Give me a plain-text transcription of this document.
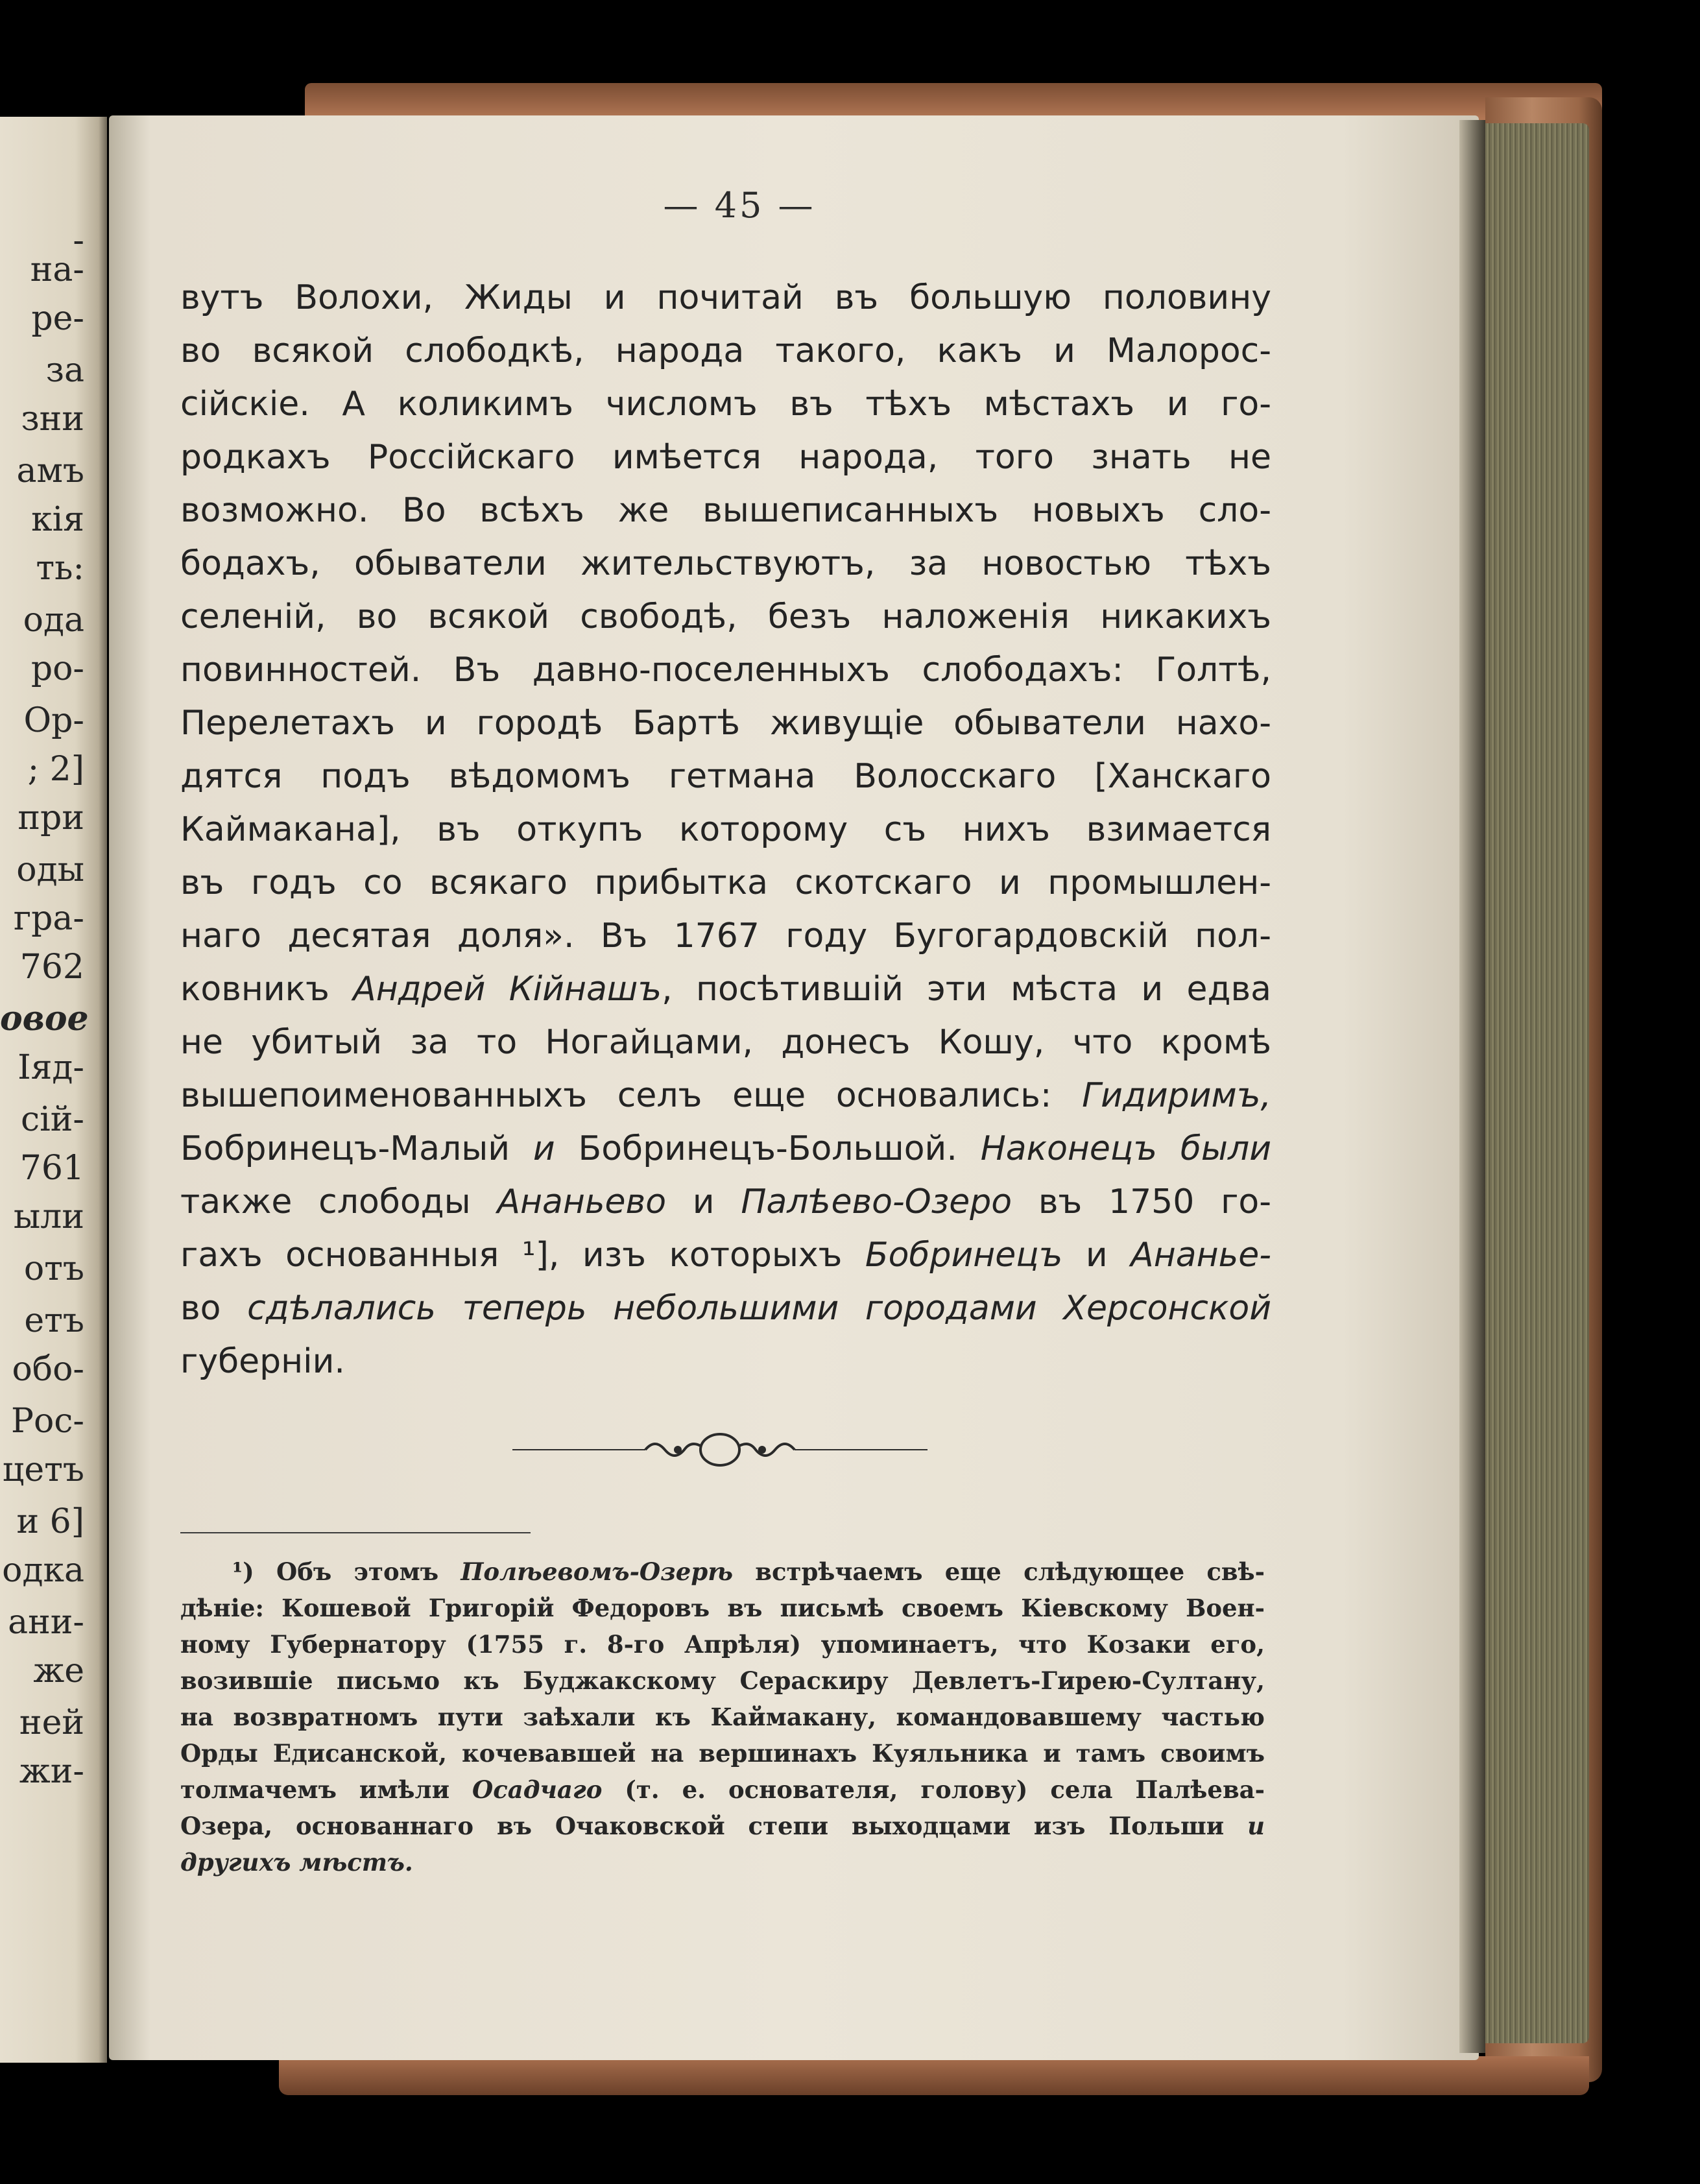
-
на-
ре-
за
зни
амъ
кія
ть:
ода
ро-
Ор-
; 2]
при
оды
гра-
762
овое
Іяд-
сій-
761
ыли
отъ
етъ
обо-
Рос-
цетъ
и 6]
одка
ани-
же
ней
жи-
— 45 —
вутъ Волохи, Жиды и почитай въ большую половину
во всякой слободкѣ, народа такого, какъ и Малорос-
сійскіе. А коликимъ числомъ въ тѣхъ мѣстахъ и го-
родкахъ Россійскаго имѣется народа, того знать не
возможно. Во всѣхъ же вышеписанныхъ новыхъ сло-
бодахъ, обыватели жительствуютъ, за новостью тѣхъ
селеній, во всякой свободѣ, безъ наложенія никакихъ
повинностей. Въ давно-поселенныхъ слободахъ: Голтѣ,
Перелетахъ и городѣ Бартѣ живущіе обыватели нахо-
дятся подъ вѣдомомъ гетмана Волосскаго [Ханскаго
Каймакана], въ откупъ которому съ нихъ взимается
въ годъ со всякаго прибытка скотскаго и промышлен-
наго десятая доля». Въ 1767 году Бугогардовскій пол-
ковникъ Андрей Кійнашъ, посѣтившій эти мѣста и едва
не убитый за то Ногайцами, донесъ Кошу, что кромѣ
вышепоименованныхъ селъ еще основались: Гидиримъ,
Бобринецъ-Малый и Бобринецъ-Большой. Наконецъ были
также слободы Ананьево и Палѣево-Озеро въ 1750 го-
гахъ основанныя ¹], изъ которыхъ Бобринецъ и Ананье-
во сдѣлались теперь небольшими городами Херсонской
губерніи.
¹) Объ этомъ Полѣевомъ-Озерѣ встрѣчаемъ еще слѣдующее свѣ-
дѣніе: Кошевой Григорій Федоровъ въ письмѣ своемъ Кіевскому Воен-
ному Губернатору (1755 г. 8-го Апрѣля) упоминаетъ, что Козаки его,
возившіе письмо къ Буджакскому Сераскиру Девлетъ-Гирею-Султану,
на возвратномъ пути заѣхали къ Каймакану, командовавшему частью
Орды Едисанской, кочевавшей на вершинахъ Куяльника и тамъ своимъ
толмачемъ имѣли Осадчаго (т. е. основателя, голову) села Палѣева-
Озера, основаннаго въ Очаковской степи выходцами изъ Польши и
другихъ мѣстъ.
